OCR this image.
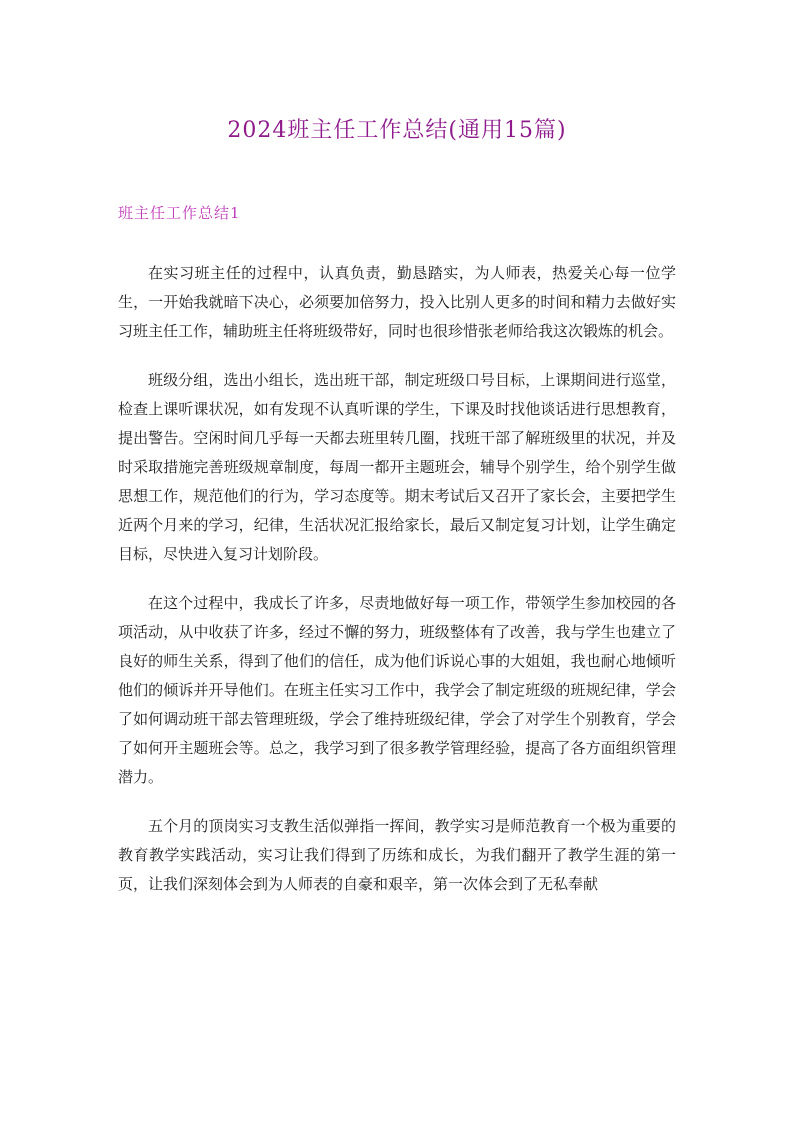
2024班主任工作总结(通用15篇)
班主任工作总结1

在实习班主任的过程中，认真负责，勤恳踏实，为人师表，热爱关心每一位学生，一开始我就暗下决心，必须要加倍努力，投入比别人更多的时间和精力去做好实习班主任工作，辅助班主任将班级带好，同时也很珍惜张老师给我这次锻炼的机会。

班级分组，选出小组长，选出班干部，制定班级口号目标，上课期间进行巡堂，检查上课听课状况，如有发现不认真听课的学生，下课及时找他谈话进行思想教育，提出警告。空闲时间几乎每一天都去班里转几圈，找班干部了解班级里的状况，并及时采取措施完善班级规章制度，每周一都开主题班会，辅导个别学生，给个别学生做思想工作，规范他们的行为，学习态度等。期末考试后又召开了家长会，主要把学生近两个月来的学习，纪律，生活状况汇报给家长，最后又制定复习计划，让学生确定目标，尽快进入复习计划阶段。

在这个过程中，我成长了许多，尽责地做好每一项工作，带领学生参加校园的各项活动，从中收获了许多，经过不懈的努力，班级整体有了改善，我与学生也建立了良好的师生关系，得到了他们的信任，成为他们诉说心事的大姐姐，我也耐心地倾听他们的倾诉并开导他们。在班主任实习工作中，我学会了制定班级的班规纪律，学会了如何调动班干部去管理班级，学会了维持班级纪律，学会了对学生个别教育，学会了如何开主题班会等。总之，我学习到了很多教学管理经验，提高了各方面组织管理潜力。

五个月的顶岗实习支教生活似弹指一挥间，教学实习是师范教育一个极为重要的教育教学实践活动，实习让我们得到了历练和成长，为我们翻开了教学生涯的第一页，让我们深刻体会到为人师表的自豪和艰辛，第一次体会到了无私奉献
